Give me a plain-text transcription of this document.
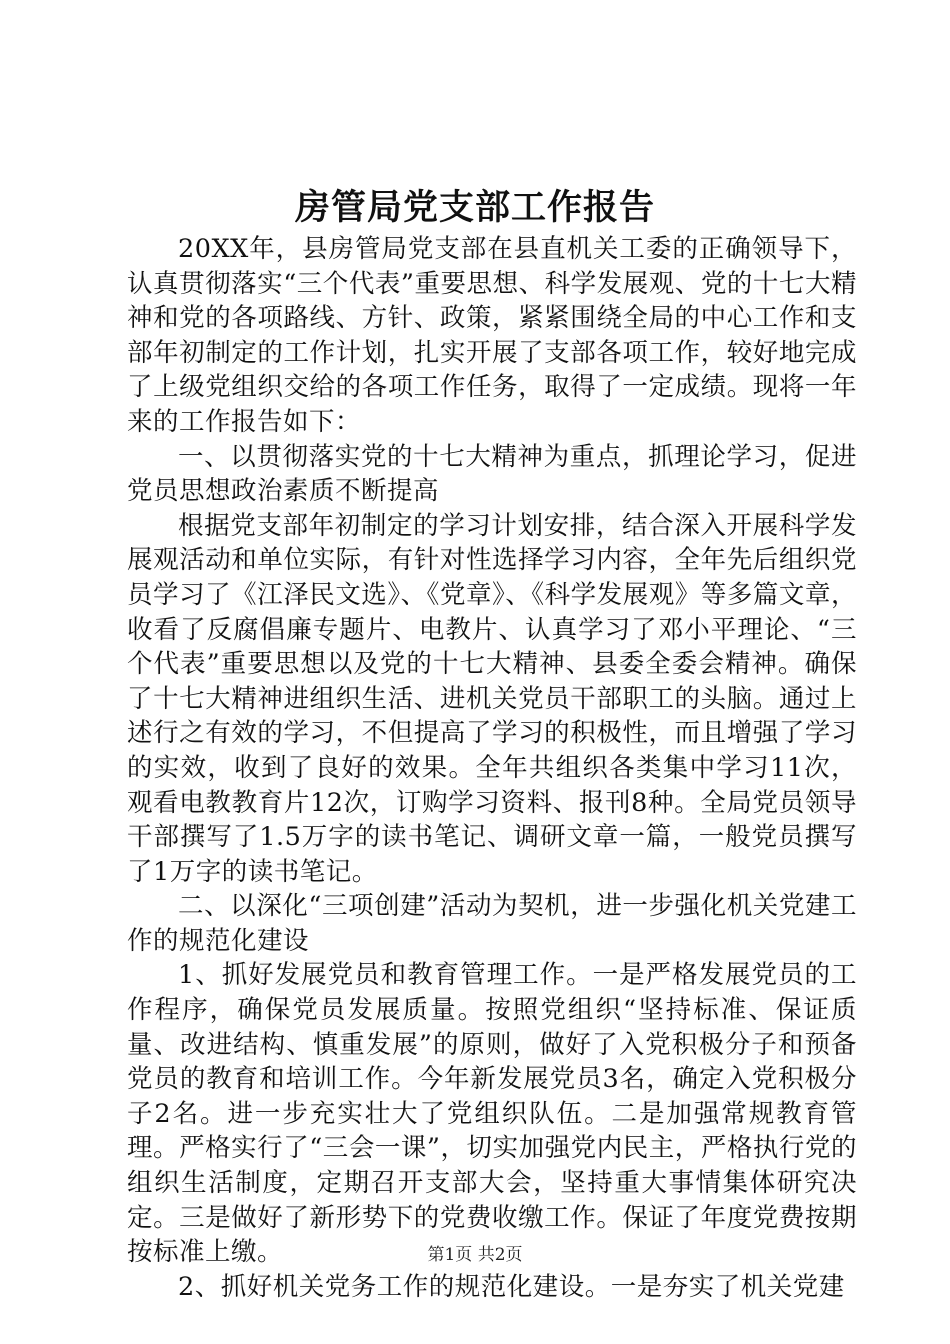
房管局党支部工作报告

20XX年，县房管局党支部在县直机关工委的正确领导下，认真贯彻落实“三个代表”重要思想、科学发展观、党的十七大精神和党的各项路线、方针、政策，紧紧围绕全局的中心工作和支部年初制定的工作计划，扎实开展了支部各项工作，较好地完成了上级党组织交给的各项工作任务，取得了一定成绩。现将一年来的工作报告如下：

一、以贯彻落实党的十七大精神为重点，抓理论学习，促进党员思想政治素质不断提高

根据党支部年初制定的学习计划安排，结合深入开展科学发展观活动和单位实际，有针对性选择学习内容，全年先后组织党员学习了《江泽民文选》、《党章》、《科学发展观》等多篇文章，收看了反腐倡廉专题片、电教片、认真学习了邓小平理论、“三个代表”重要思想以及党的十七大精神、县委全委会精神。确保了十七大精神进组织生活、进机关党员干部职工的头脑。通过上述行之有效的学习，不但提高了学习的积极性，而且增强了学习的实效，收到了良好的效果。全年共组织各类集中学习11次，观看电教教育片12次，订购学习资料、报刊8种。全局党员领导干部撰写了1.5万字的读书笔记、调研文章一篇，一般党员撰写了1万字的读书笔记。

二、以深化“三项创建”活动为契机，进一步强化机关党建工作的规范化建设

1、抓好发展党员和教育管理工作。一是严格发展党员的工作程序，确保党员发展质量。按照党组织“坚持标准、保证质量、改进结构、慎重发展”的原则，做好了入党积极分子和预备党员的教育和培训工作。今年新发展党员3名，确定入党积极分子2名。进一步充实壮大了党组织队伍。二是加强常规教育管理。严格实行了“三会一课”，切实加强党内民主，严格执行党的组织生活制度，定期召开支部大会，坚持重大事情集体研究决定。三是做好了新形势下的党费收缴工作。保证了年度党费按期按标准上缴。

2、抓好机关党务工作的规范化建设。一是夯实了机关党建

第1页 共2页
